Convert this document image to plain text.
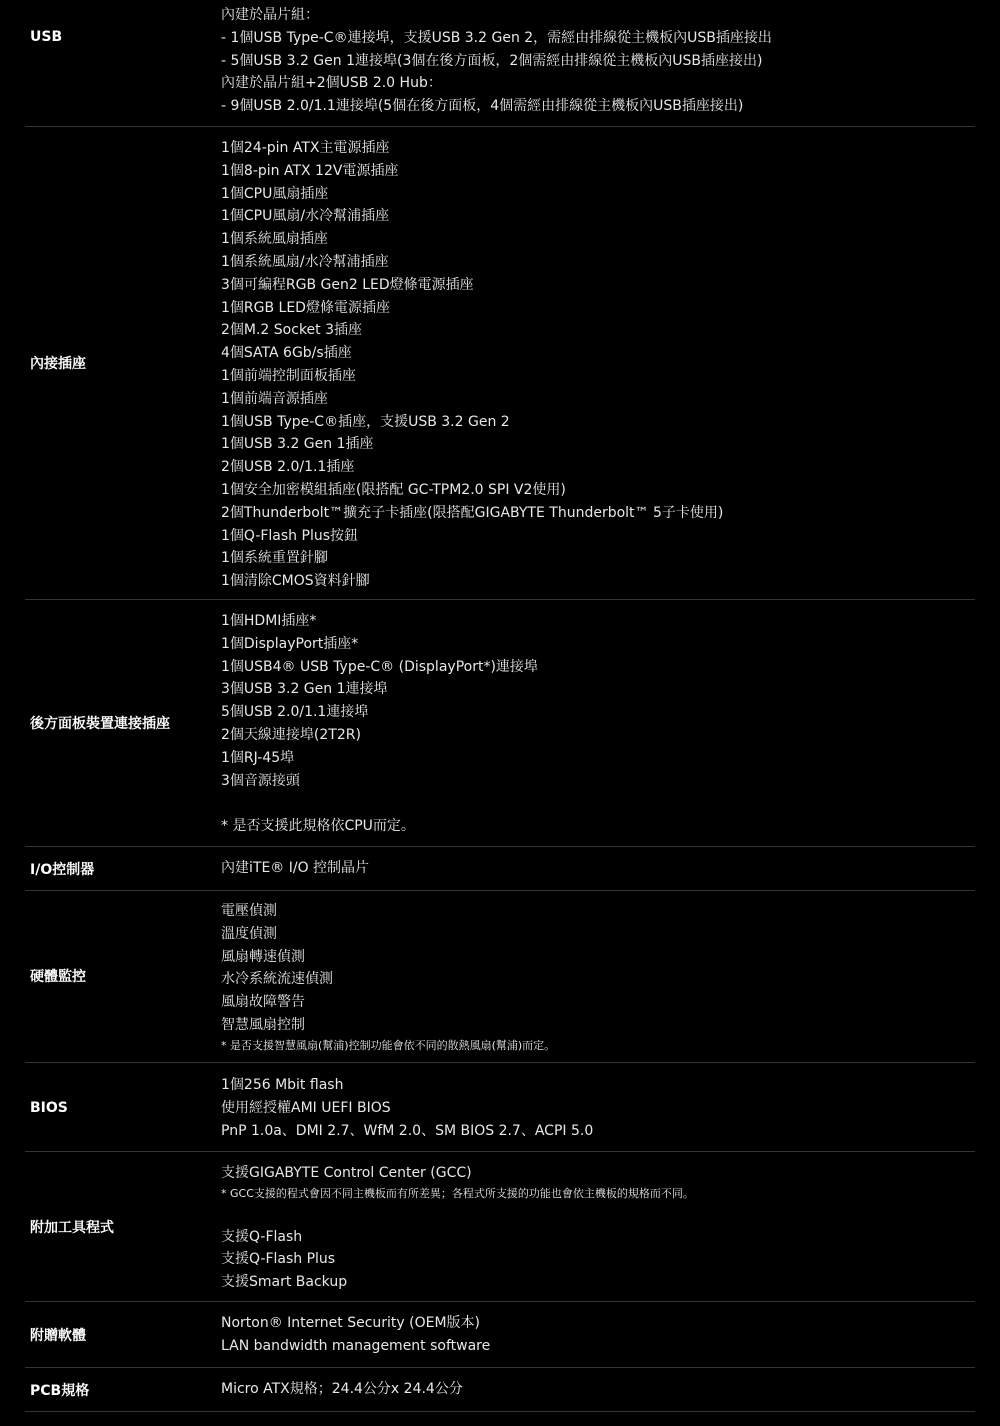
USB
內建於晶片組：
- 1個USB Type-C®連接埠，支援USB 3.2 Gen 2，需經由排線從主機板內USB插座接出
- 5個USB 3.2 Gen 1連接埠(3個在後方面板，2個需經由排線從主機板內USB插座接出)
內建於晶片組+2個USB 2.0 Hub：
- 9個USB 2.0/1.1連接埠(5個在後方面板，4個需經由排線從主機板內USB插座接出)
內接插座
1個24-pin ATX主電源插座
1個8-pin ATX 12V電源插座
1個CPU風扇插座
1個CPU風扇/水冷幫浦插座
1個系統風扇插座
1個系統風扇/水冷幫浦插座
3個可編程RGB Gen2 LED燈條電源插座
1個RGB LED燈條電源插座
2個M.2 Socket 3插座
4個SATA 6Gb/s插座
1個前端控制面板插座
1個前端音源插座
1個USB Type-C®插座，支援USB 3.2 Gen 2
1個USB 3.2 Gen 1插座
2個USB 2.0/1.1插座
1個安全加密模組插座(限搭配 GC-TPM2.0 SPI V2使用)
2個Thunderbolt™擴充子卡插座(限搭配GIGABYTE Thunderbolt™ 5子卡使用)
1個Q-Flash Plus按鈕
1個系統重置針腳
1個清除CMOS資料針腳
後方面板裝置連接插座
1個HDMI插座*
1個DisplayPort插座*
1個USB4® USB Type-C® (DisplayPort*)連接埠
3個USB 3.2 Gen 1連接埠
5個USB 2.0/1.1連接埠
2個天線連接埠(2T2R)
1個RJ-45埠
3個音源接頭
* 是否支援此規格依CPU而定。
I/O控制器	內建iTE® I/O 控制晶片
硬體監控
電壓偵測
溫度偵測
風扇轉速偵測
水冷系統流速偵測
風扇故障警告
智慧風扇控制
* 是否支援智慧風扇(幫浦)控制功能會依不同的散熱風扇(幫浦)而定。
BIOS
1個256 Mbit flash
使用經授權AMI UEFI BIOS
PnP 1.0a、DMI 2.7、WfM 2.0、SM BIOS 2.7、ACPI 5.0
附加工具程式
支援GIGABYTE Control Center (GCC)
* GCC支援的程式會因不同主機板而有所差異；各程式所支援的功能也會依主機板的規格而不同。
支援Q-Flash
支援Q-Flash Plus
支援Smart Backup
附贈軟體
Norton® Internet Security (OEM版本)
LAN bandwidth management software
PCB規格	Micro ATX規格；24.4公分x 24.4公分
